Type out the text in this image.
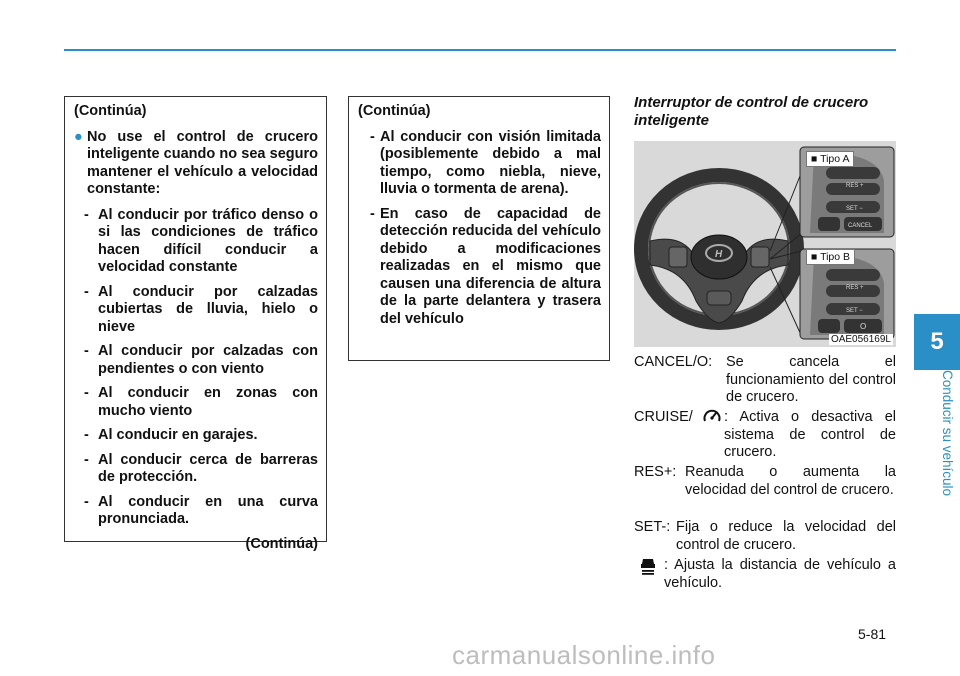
(Continúa)
● No use el control de crucero inteligente cuando no sea seguro mantener el vehículo a velocidad constante:
- Al conducir por tráfico denso o si las condiciones de tráfico hacen difícil conducir a velocidad constante
- Al conducir por calzadas cubiertas de lluvia, hielo o nieve
- Al conducir por calzadas con pendientes o con viento
- Al conducir en zonas con mucho viento
- Al conducir en garajes.
- Al conducir cerca de barreras de protección.
- Al conducir en una curva pronunciada.
(Continúa)
(Continúa)
- Al conducir con visión limitada (posiblemente debido a mal tiempo, como niebla, nieve, lluvia o tormenta de arena).
- En caso de capacidad de detección reducida del vehículo debido a modificaciones realizadas en el mismo que causen una diferencia de altura de la parte delantera y trasera del vehículo
Interruptor de control de crucero inteligente
H
RES +
SET −
CANCEL
RES +
SET −
O
■ Tipo A
■ Tipo B
OAE056169L
CANCEL/O: Se cancela el funcionamiento del control de crucero.
CRUISE/	: Activa o desactiva el sistema de control de crucero.
RES+: Reanuda o aumenta la velocidad del control de crucero.
SET-: Fija o reduce la velocidad del control de crucero.
: Ajusta la distancia de vehículo a vehículo.
5-81
5
Conducir su vehículo
carmanualsonline.info
